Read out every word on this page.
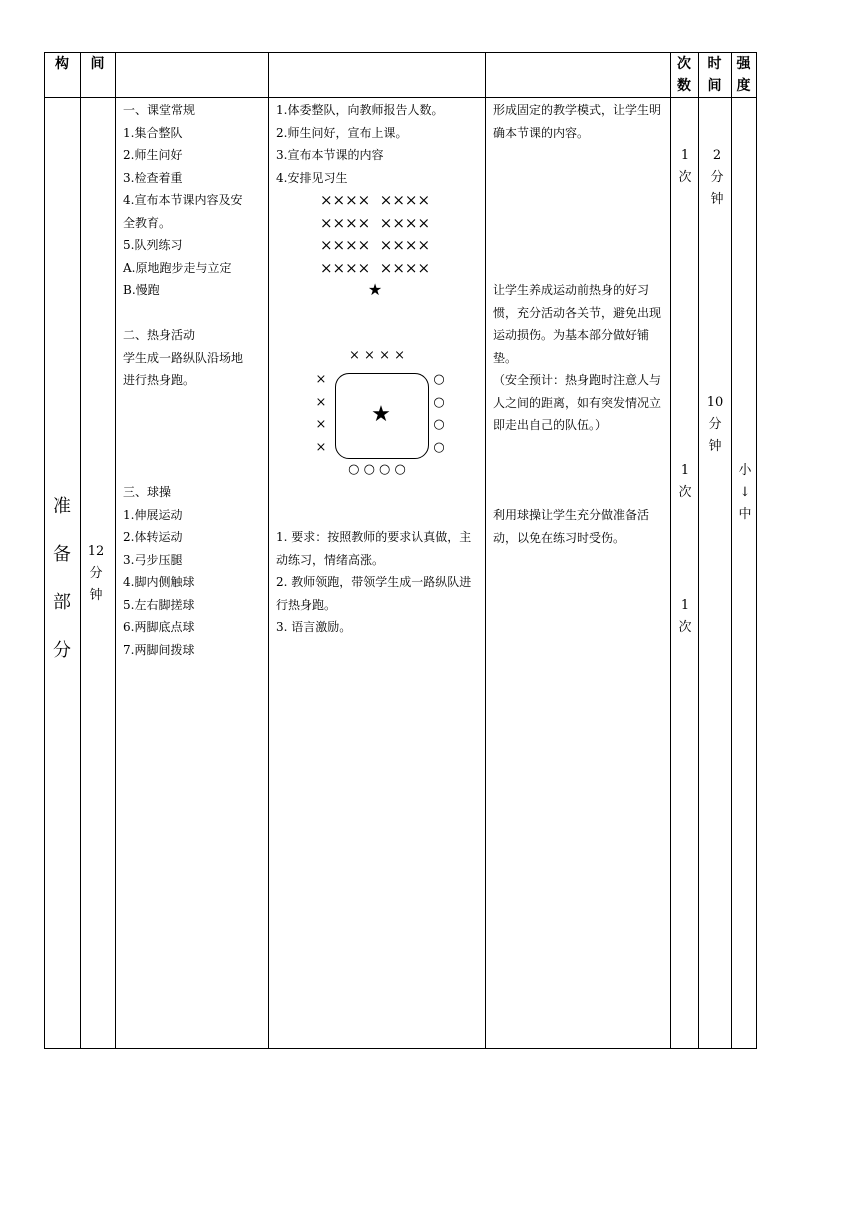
构	间	次
数
时
间
强
度
准
备
部
分
12
分
钟
一、课堂常规
1.集合整队
2.师生问好
3.检查着重
4.宣布本节课内容及安
全教育。
5.队列练习
A.原地跑步走与立定
B.慢跑
二、热身活动
学生成一路纵队沿场地
进行热身跑。
三、球操
1.伸展运动
2.体转运动
3.弓步压腿
4.脚内侧触球
5.左右脚搓球
6.两脚底点球
7.两脚间拨球
1.体委整队，向教师报告人数。
2.师生问好，宣布上课。
3.宣布本节课的内容
4.安排见习生
××××  ××××
××××  ××××
××××  ××××
××××  ××××
★
× × × ×
×
×
×
×
★
○
○
○
○
○ ○ ○ ○
1. 要求：按照教师的要求认真做，主动练习，情绪高涨。
2. 教师领跑，带领学生成一路纵队进行热身跑。
3. 语言激励。
形成固定的教学模式，让学生明确本节课的内容。
让学生养成运动前热身的好习惯，充分活动各关节，避免出现运动损伤。为基本部分做好铺垫。
（安全预计：热身跑时注意人与人之间的距离，如有突发情况立即走出自己的队伍。）
利用球操让学生充分做准备活动，以免在练习时受伤。
1
次
1
次
1
次
2
分
钟
10
分
钟
小
↓
中
